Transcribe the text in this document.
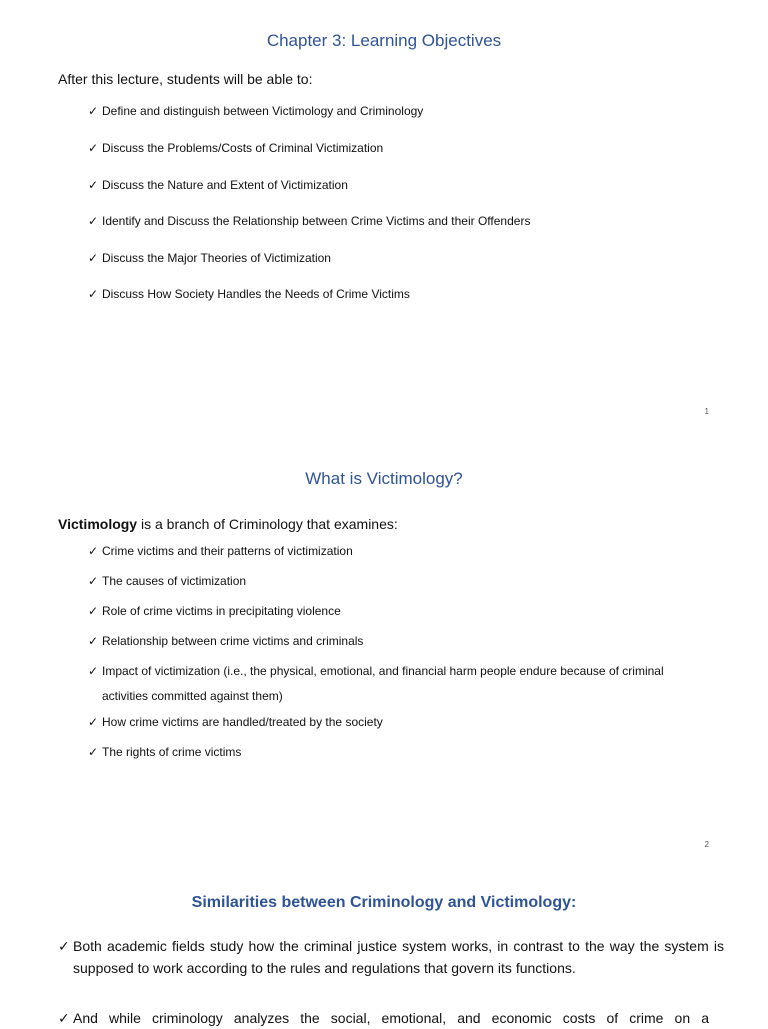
Chapter 3: Learning Objectives

After this lecture, students will be able to:

✓ Define and distinguish between Victimology and Criminology
✓ Discuss the Problems/Costs of Criminal Victimization
✓ Discuss the Nature and Extent of Victimization
✓ Identify and Discuss the Relationship between Crime Victims and their Offenders
✓ Discuss the Major Theories of Victimization
✓ Discuss How Society Handles the Needs of Crime Victims
1
What is Victimology?

Victimology is a branch of Criminology that examines:

✓ Crime victims and their patterns of victimization
✓ The causes of victimization
✓ Role of crime victims in precipitating violence
✓ Relationship between crime victims and criminals
✓ Impact of victimization (i.e., the physical, emotional, and financial harm people endure because of criminal activities committed against them)
✓ How crime victims are handled/treated by the society
✓ The rights of crime victims
2
Similarities between Criminology and Victimology:

✓ Both academic fields study how the criminal justice system works, in contrast to the way the system is supposed to work according to the rules and regulations that govern its functions.

✓ And while criminology analyzes the social, emotional, and economic costs of crime on a
